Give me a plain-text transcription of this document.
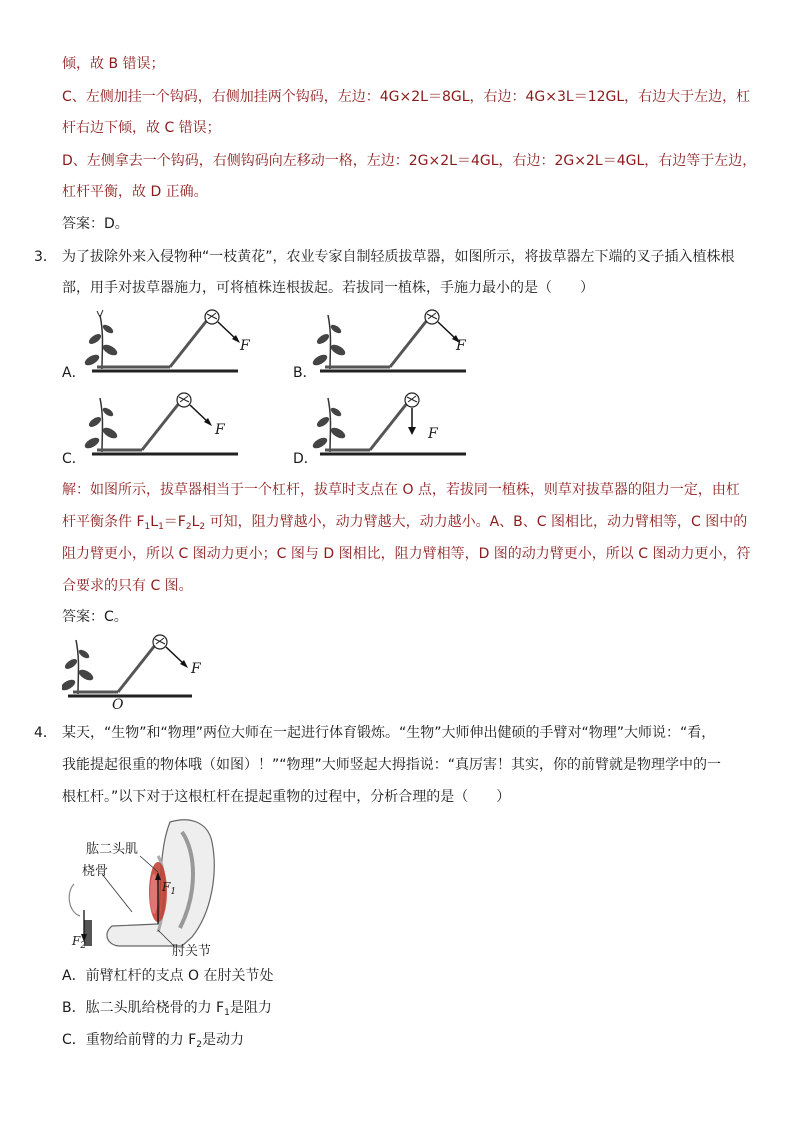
倾，故 B 错误；
C、左侧加挂一个钩码，右侧加挂两个钩码，左边：4G×2L＝8GL，右边：4G×3L＝12GL，右边大于左边，杠
杆右边下倾，故 C 错误；
D、左侧拿去一个钩码，右侧钩码向左移动一格，左边：2G×2L＝4GL，右边：2G×2L＝4GL，右边等于左边，
杠杆平衡，故 D 正确。
答案：D。
3． 为了拔除外来入侵物种“一枝黄花”，农业专家自制轻质拔草器，如图所示，将拔草器左下端的叉子插入植株根
部，用手对拔草器施力，可将植株连根拔起。若拔同一植株，手施力最小的是（　　）
F
A．
F
B．
F
C．
F
D．
解：如图所示，拔草器相当于一个杠杆，拔草时支点在 O 点，若拔同一植株，则草对拔草器的阻力一定，由杠
杆平衡条件 $F_1L_1=F_2L_2$ 可知，阻力臂越小，动力臂越大，动力越小。A、B、C 图相比，动力臂相等，C 图中的
阻力臂更小，所以 C 图动力更小；C 图与 D 图相比，阻力臂相等，D 图的动力臂更小，所以 C 图动力更小，符
合要求的只有 C 图。
答案：C。
F
O
4． 某天，“生物”和“物理”两位大师在一起进行体育锻炼。“生物”大师伸出健硕的手臂对“物理”大师说：“看，
我能提起很重的物体哦（如图）！”“物理”大师竖起大拇指说：“真厉害！其实，你的前臂就是物理学中的一
根杠杆。”以下对于这根杠杆在提起重物的过程中，分析合理的是（　　）
肱二头肌
桡骨
肘关节
$F_1$
$F_2$
A．前臂杠杆的支点 O 在肘关节处
B．肱二头肌给桡骨的力 $F_1$是阻力
C．重物给前臂的力 $F_2$是动力
